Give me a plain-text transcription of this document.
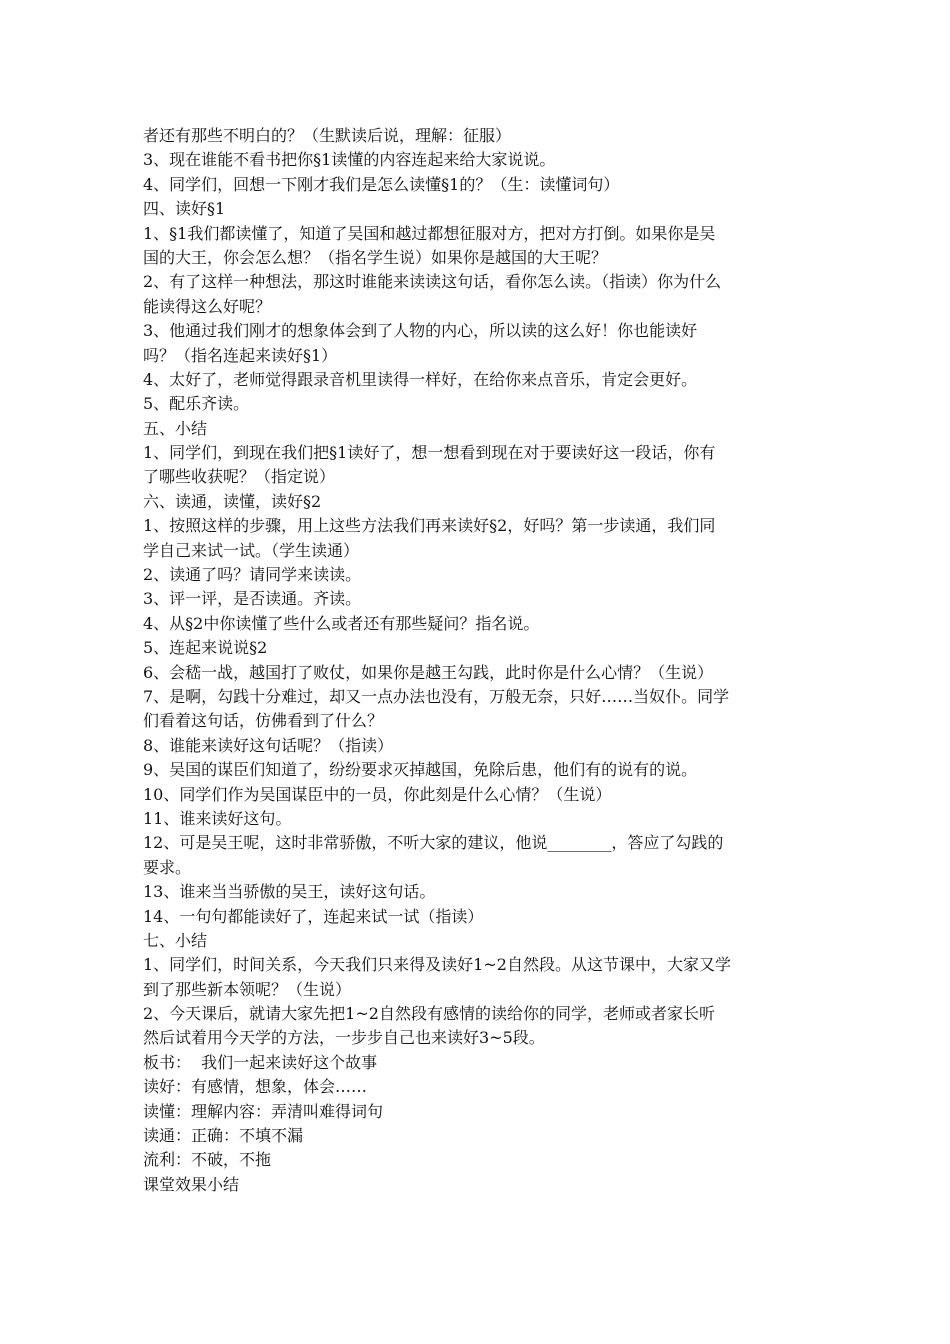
者还有那些不明白的？（生默读后说，理解：征服）
3、现在谁能不看书把你§1读懂的内容连起来给大家说说。
4、同学们，回想一下刚才我们是怎么读懂§1的？（生：读懂词句）
四、读好§1
1、§1我们都读懂了，知道了吴国和越过都想征服对方，把对方打倒。如果你是吴
国的大王，你会怎么想？（指名学生说）如果你是越国的大王呢？
2、有了这样一种想法，那这时谁能来读读这句话，看你怎么读。（指读）你为什么
能读得这么好呢？
3、他通过我们刚才的想象体会到了人物的内心，所以读的这么好！你也能读好
吗？（指名连起来读好§1）
4、太好了，老师觉得跟录音机里读得一样好，在给你来点音乐，肯定会更好。
5、配乐齐读。
五、小结
1、同学们，到现在我们把§1读好了，想一想看到现在对于要读好这一段话，你有
了哪些收获呢？（指定说）
六、读通，读懂，读好§2
1、按照这样的步骤，用上这些方法我们再来读好§2，好吗？第一步读通，我们同
学自己来试一试。（学生读通）
2、读通了吗？请同学来读读。
3、评一评，是否读通。齐读。
4、从§2中你读懂了些什么或者还有那些疑问？指名说。
5、连起来说说§2
6、会嵇一战，越国打了败仗，如果你是越王勾践，此时你是什么心情？（生说）
7、是啊，勾践十分难过，却又一点办法也没有，万般无奈，只好……当奴仆。同学
们看着这句话，仿佛看到了什么？
8、谁能来读好这句话呢？（指读）
9、吴国的谋臣们知道了，纷纷要求灭掉越国，免除后患，他们有的说有的说。
10、同学们作为吴国谋臣中的一员，你此刻是什么心情？（生说）
11、谁来读好这句。
12、可是吴王呢，这时非常骄傲，不听大家的建议，他说________，答应了勾践的
要求。
13、谁来当当骄傲的吴王，读好这句话。
14、一句句都能读好了，连起来试一试（指读）
七、小结
1、同学们，时间关系，今天我们只来得及读好1~2自然段。从这节课中，大家又学
到了那些新本领呢？（生说）
2、今天课后，就请大家先把1~2自然段有感情的读给你的同学，老师或者家长听
然后试着用今天学的方法，一步步自己也来读好3~5段。
板书：  我们一起来读好这个故事
读好：有感情，想象，体会……
读懂：理解内容：弄清叫难得词句
读通：正确：不填不漏
流利：不破，不拖
课堂效果小结
